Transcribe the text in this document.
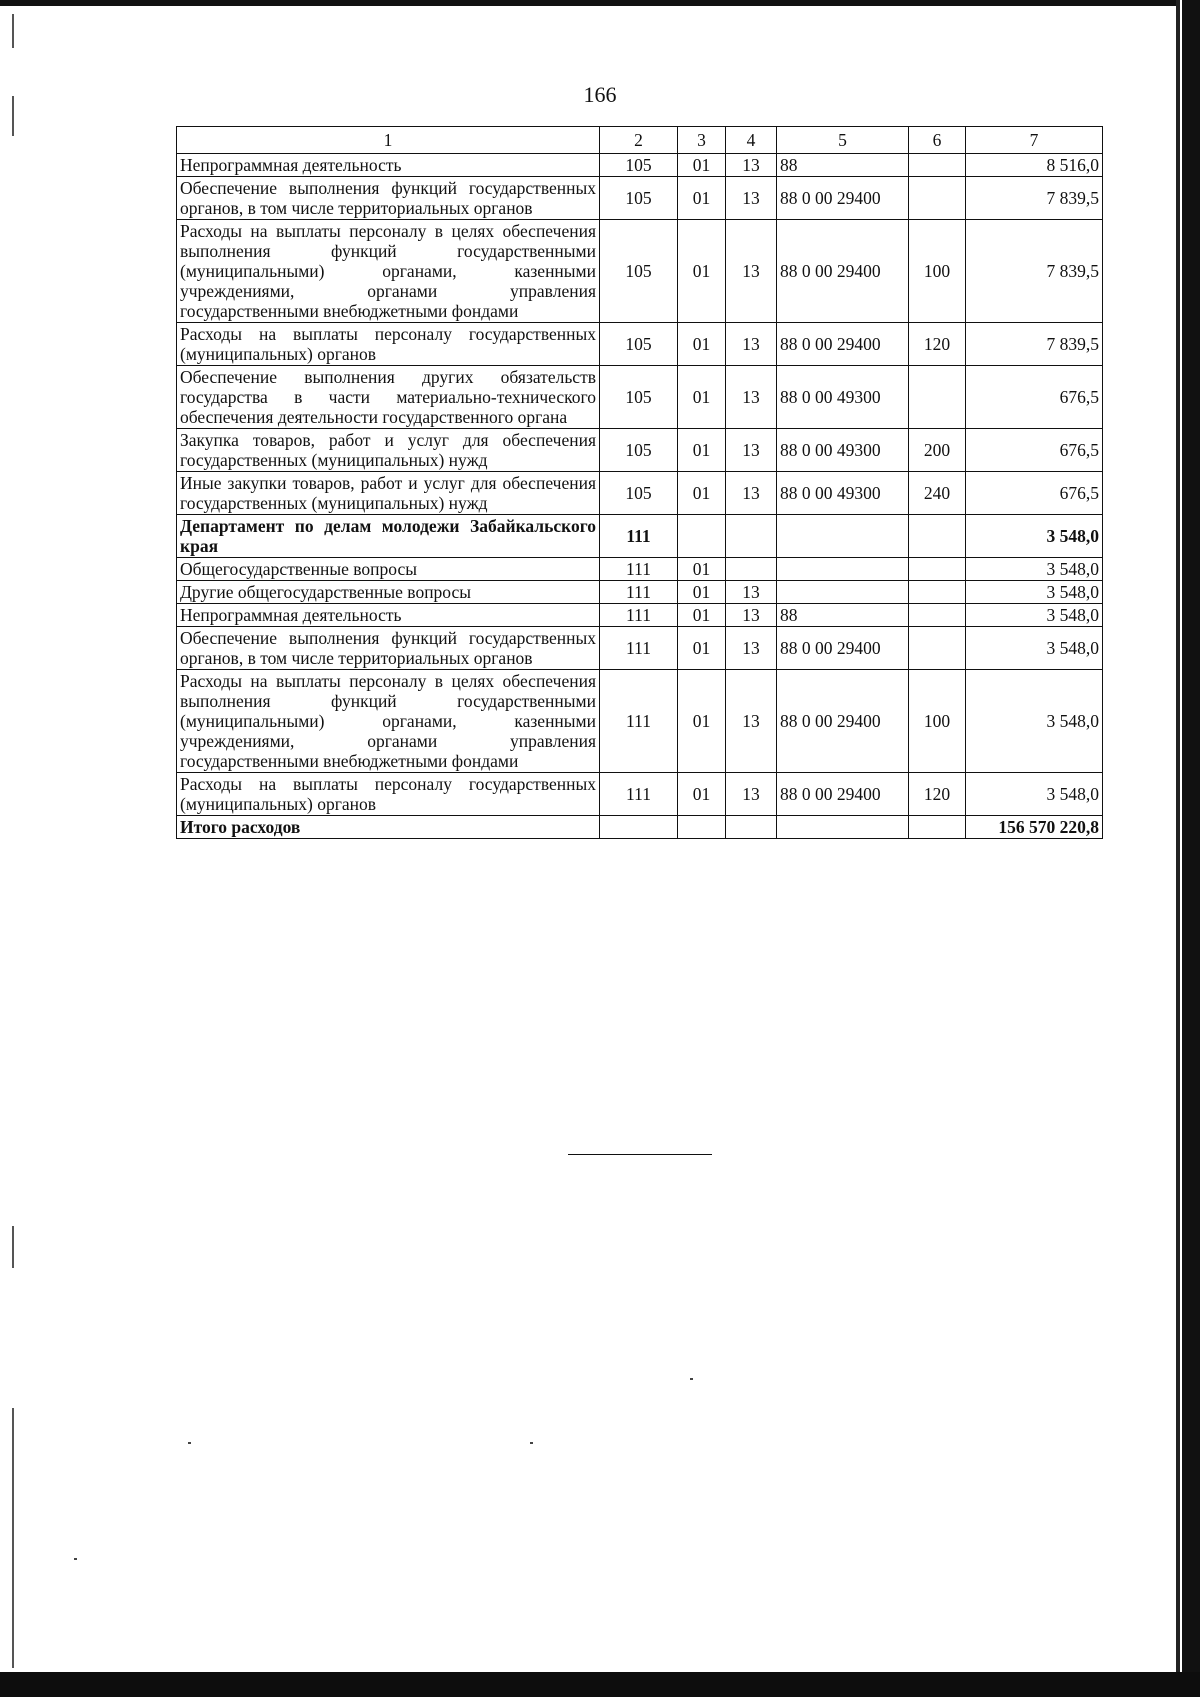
166
1	2	3	4	5	6	7
Непрограммная деятельность	105	01	13	88		8 516,0
Обеспечение выполнения функций государственных органов, в том числе территориальных органов	105	01	13	88 0 00 29400		7 839,5
Расходы на выплаты персоналу в целях обеспечения выполнения функций государственными (муниципальными) органами, казенными учреждениями, органами управления государственными внебюджетными фондами	105	01	13	88 0 00 29400	100	7 839,5
Расходы на выплаты персоналу государственных (муниципальных) органов	105	01	13	88 0 00 29400	120	7 839,5
Обеспечение выполнения других обязательств государства в части материально-технического обеспечения деятельности государственного органа	105	01	13	88 0 00 49300		676,5
Закупка товаров, работ и услуг для обеспечения государственных (муниципальных) нужд	105	01	13	88 0 00 49300	200	676,5
Иные закупки товаров, работ и услуг для обеспечения государственных (муниципальных) нужд	105	01	13	88 0 00 49300	240	676,5
Департамент по делам молодежи Забайкальского края	111					3 548,0
Общегосударственные вопросы	111	01				3 548,0
Другие общегосударственные вопросы	111	01	13			3 548,0
Непрограммная деятельность	111	01	13	88		3 548,0
Обеспечение выполнения функций государственных органов, в том числе территориальных органов	111	01	13	88 0 00 29400		3 548,0
Расходы на выплаты персоналу в целях обеспечения выполнения функций государственными (муниципальными) органами, казенными учреждениями, органами управления государственными внебюджетными фондами	111	01	13	88 0 00 29400	100	3 548,0
Расходы на выплаты персоналу государственных (муниципальных) органов	111	01	13	88 0 00 29400	120	3 548,0
Итого расходов						156 570 220,8
